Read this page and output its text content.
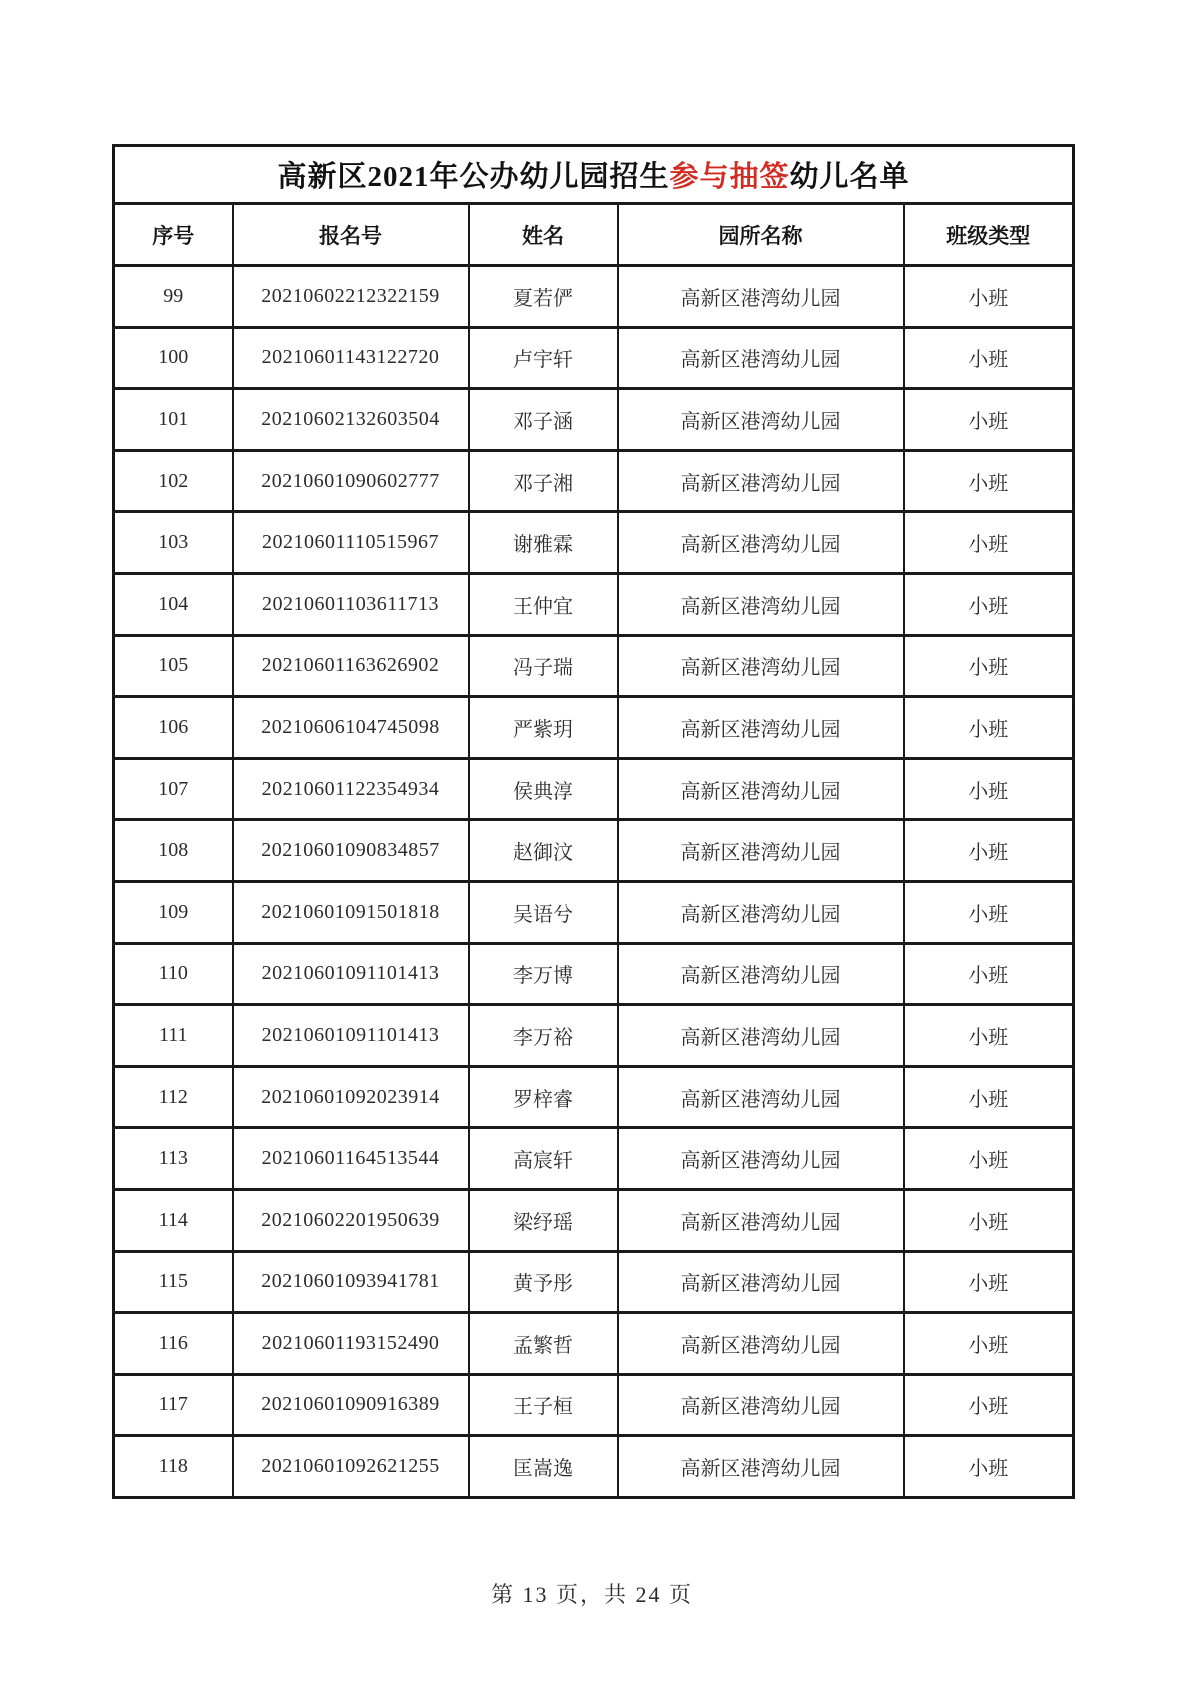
高新区2021年公办幼儿园招生参与抽签幼儿名单				
序号	报名号	姓名	园所名称	班级类型
99	20210602212322159	夏若俨	高新区港湾幼儿园	小班
100	20210601143122720	卢宇轩	高新区港湾幼儿园	小班
101	20210602132603504	邓子涵	高新区港湾幼儿园	小班
102	20210601090602777	邓子湘	高新区港湾幼儿园	小班
103	20210601110515967	谢雅霖	高新区港湾幼儿园	小班
104	20210601103611713	王仲宜	高新区港湾幼儿园	小班
105	20210601163626902	冯子瑞	高新区港湾幼儿园	小班
106	20210606104745098	严紫玥	高新区港湾幼儿园	小班
107	20210601122354934	侯典淳	高新区港湾幼儿园	小班
108	20210601090834857	赵御汶	高新区港湾幼儿园	小班
109	20210601091501818	吴语兮	高新区港湾幼儿园	小班
110	20210601091101413	李万博	高新区港湾幼儿园	小班
111	20210601091101413	李万裕	高新区港湾幼儿园	小班
112	20210601092023914	罗梓睿	高新区港湾幼儿园	小班
113	20210601164513544	高宸轩	高新区港湾幼儿园	小班
114	20210602201950639	梁纾瑶	高新区港湾幼儿园	小班
115	20210601093941781	黄予彤	高新区港湾幼儿园	小班
116	20210601193152490	孟繁哲	高新区港湾幼儿园	小班
117	20210601090916389	王子桓	高新区港湾幼儿园	小班
118	20210601092621255	匡嵩逸	高新区港湾幼儿园	小班
第 13 页，共 24 页
